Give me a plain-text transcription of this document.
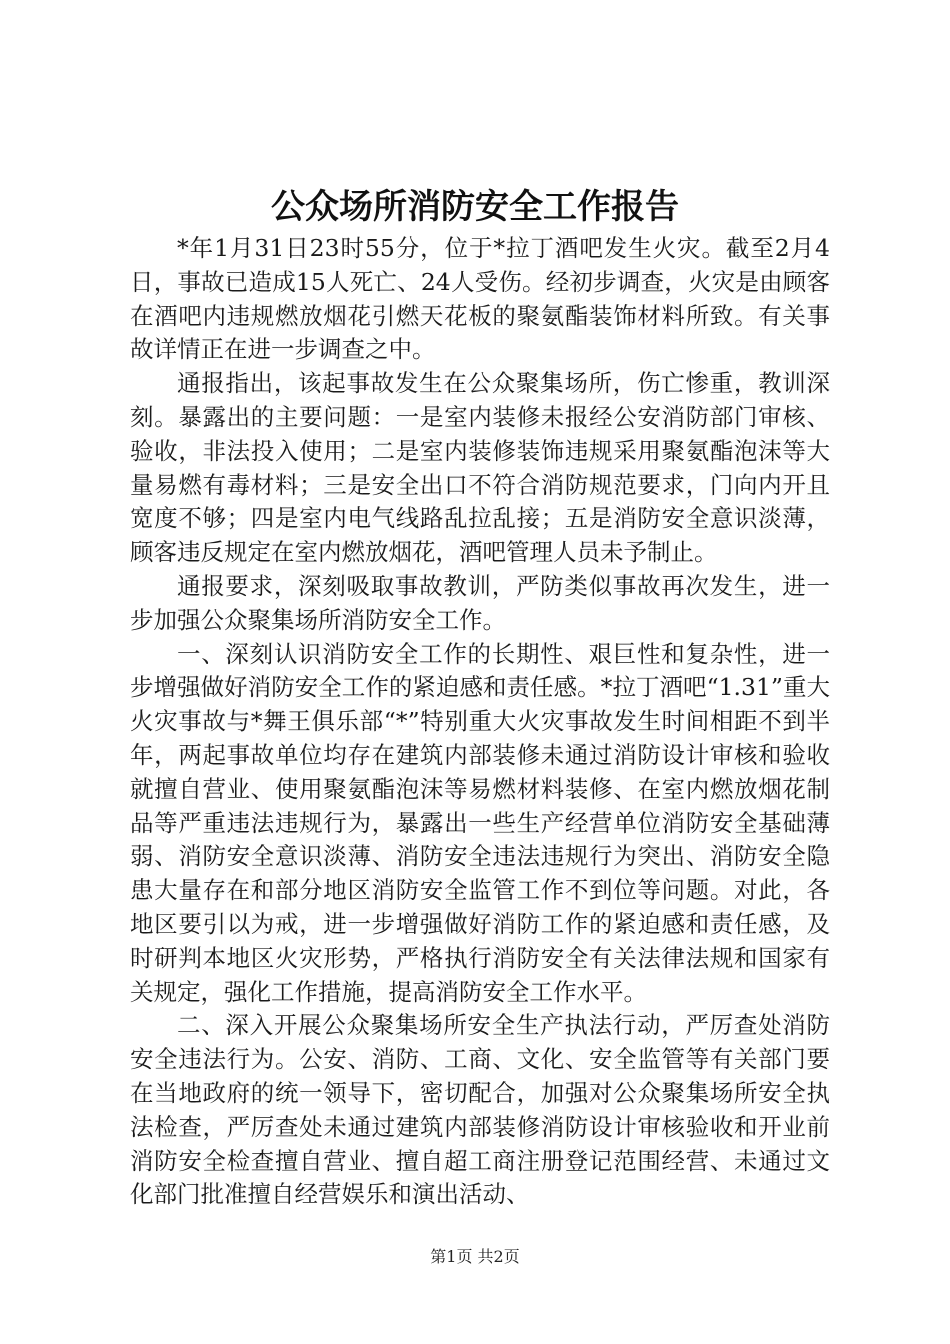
公众场所消防安全工作报告

*年1月31日23时55分，位于*拉丁酒吧发生火灾。截至2月4日，事故已造成15人死亡、24人受伤。经初步调查，火灾是由顾客在酒吧内违规燃放烟花引燃天花板的聚氨酯装饰材料所致。有关事故详情正在进一步调查之中。

通报指出，该起事故发生在公众聚集场所，伤亡惨重，教训深刻。暴露出的主要问题：一是室内装修未报经公安消防部门审核、验收，非法投入使用；二是室内装修装饰违规采用聚氨酯泡沫等大量易燃有毒材料；三是安全出口不符合消防规范要求，门向内开且宽度不够；四是室内电气线路乱拉乱接；五是消防安全意识淡薄，顾客违反规定在室内燃放烟花，酒吧管理人员未予制止。

通报要求，深刻吸取事故教训，严防类似事故再次发生，进一步加强公众聚集场所消防安全工作。

一、深刻认识消防安全工作的长期性、艰巨性和复杂性，进一步增强做好消防安全工作的紧迫感和责任感。*拉丁酒吧“1.31”重大火灾事故与*舞王俱乐部“*”特别重大火灾事故发生时间相距不到半年，两起事故单位均存在建筑内部装修未通过消防设计审核和验收就擅自营业、使用聚氨酯泡沫等易燃材料装修、在室内燃放烟花制品等严重违法违规行为，暴露出一些生产经营单位消防安全基础薄弱、消防安全意识淡薄、消防安全违法违规行为突出、消防安全隐患大量存在和部分地区消防安全监管工作不到位等问题。对此，各地区要引以为戒，进一步增强做好消防工作的紧迫感和责任感，及时研判本地区火灾形势，严格执行消防安全有关法律法规和国家有关规定，强化工作措施，提高消防安全工作水平。

二、深入开展公众聚集场所安全生产执法行动，严厉查处消防安全违法行为。公安、消防、工商、文化、安全监管等有关部门要在当地政府的统一领导下，密切配合，加强对公众聚集场所安全执法检查，严厉查处未通过建筑内部装修消防设计审核验收和开业前消防安全检查擅自营业、擅自超工商注册登记范围经营、未通过文化部门批准擅自经营娱乐和演出活动、

第1页 共2页
